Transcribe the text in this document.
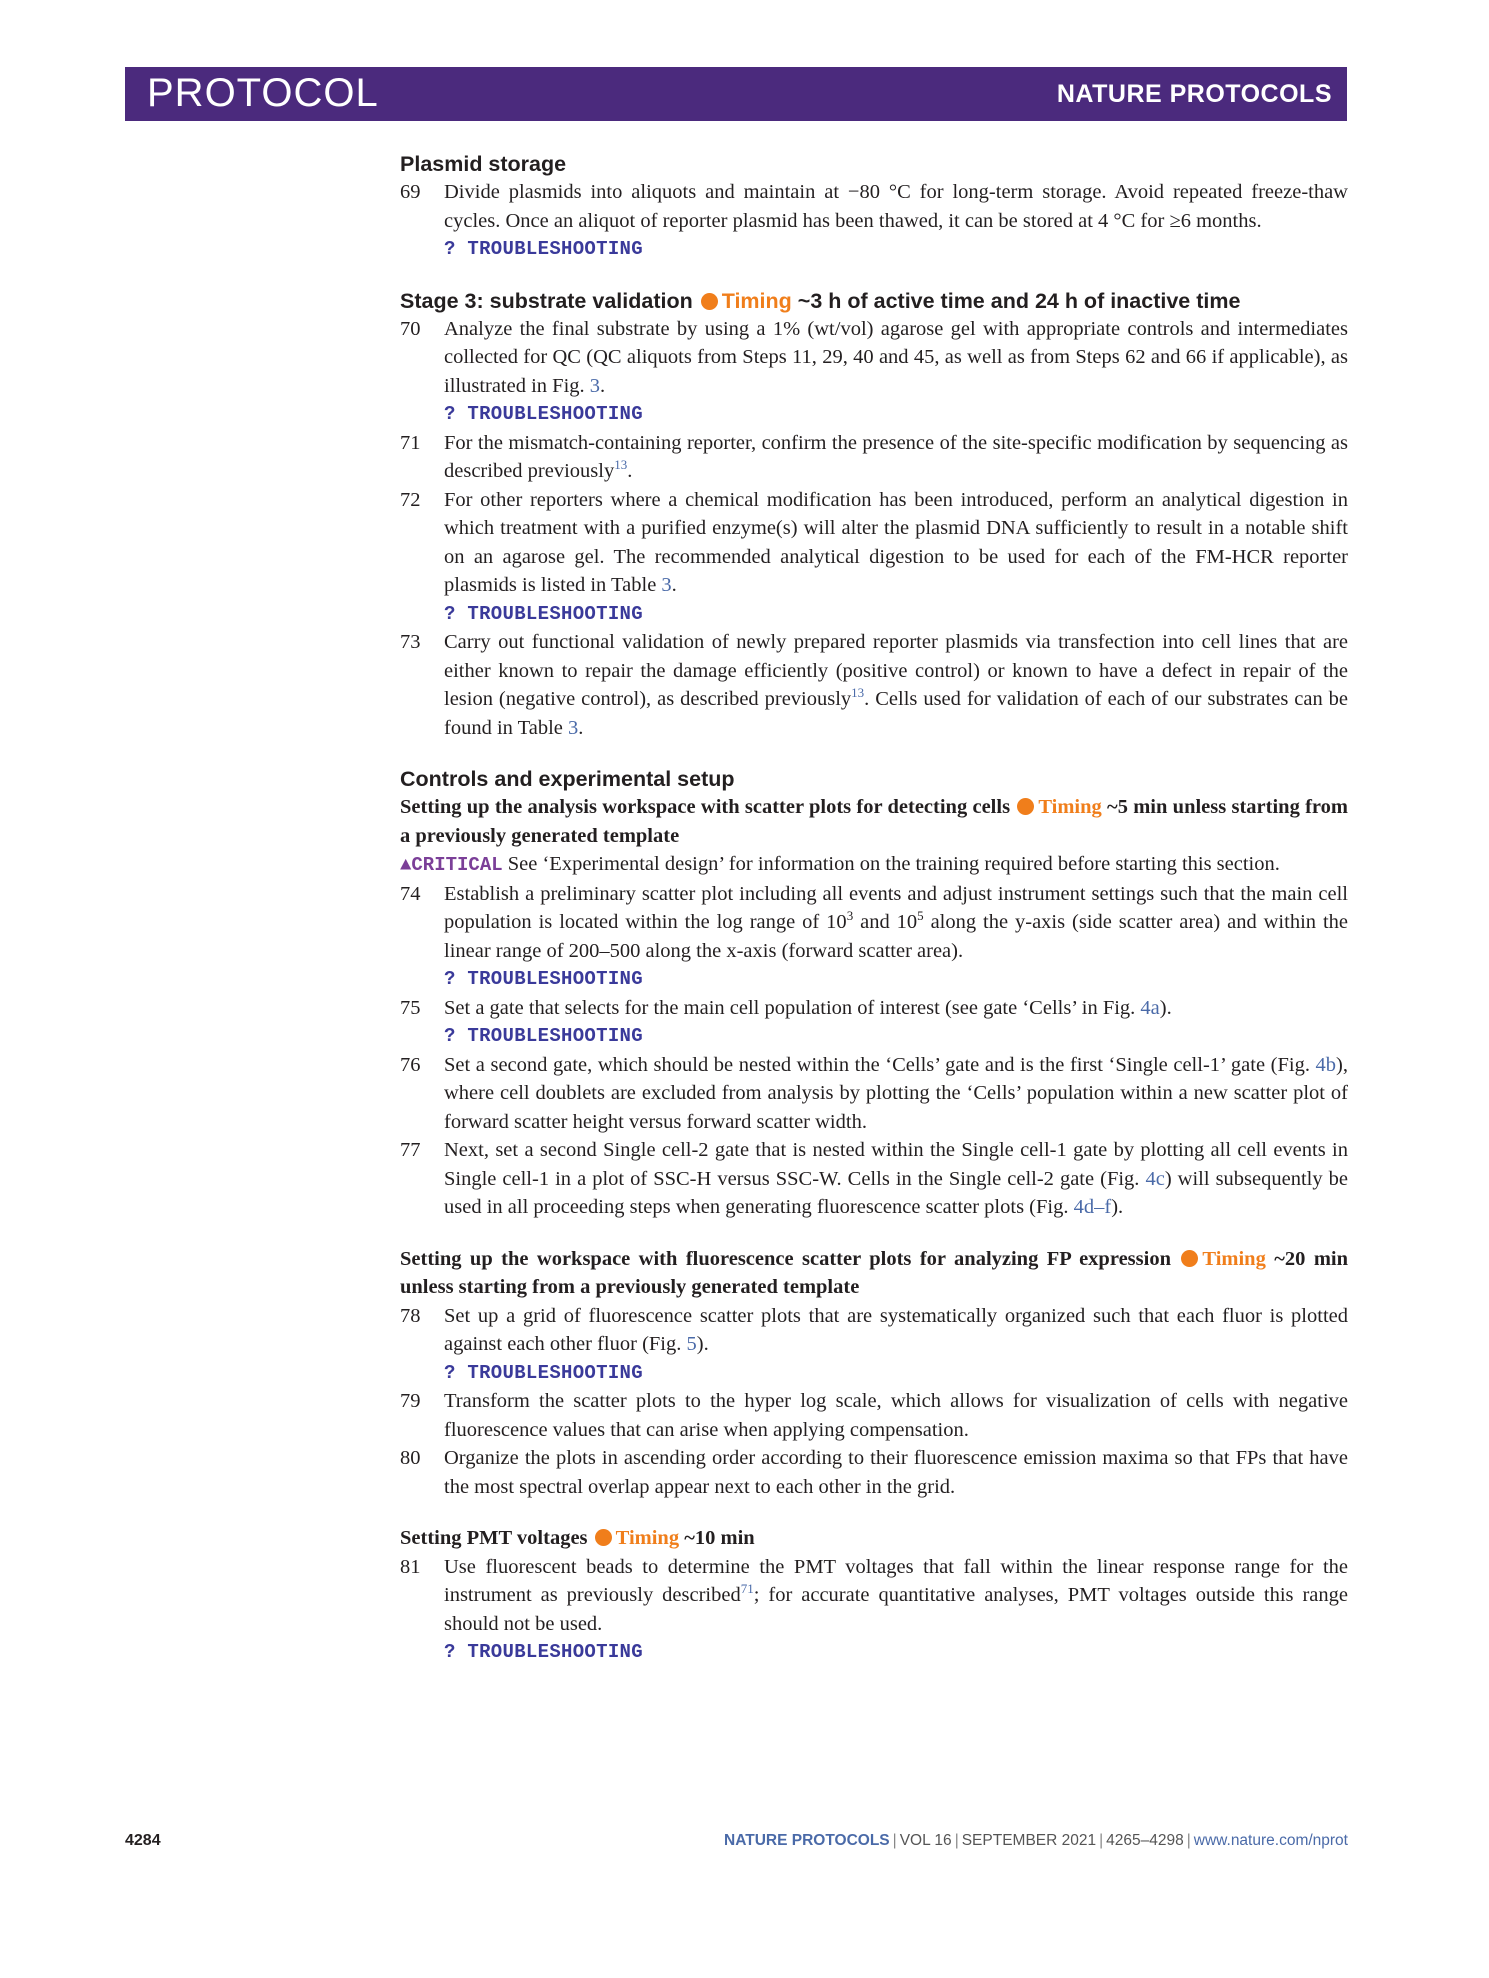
PROTOCOL	NATURE PROTOCOLS

Plasmid storage

69 Divide plasmids into aliquots and maintain at −80 °C for long-term storage. Avoid repeated freeze-thaw cycles. Once an aliquot of reporter plasmid has been thawed, it can be stored at 4 °C for ≥6 months.
? TROUBLESHOOTING

Stage 3: substrate validation Timing ~3 h of active time and 24 h of inactive time

70 Analyze the final substrate by using a 1% (wt/vol) agarose gel with appropriate controls and intermediates collected for QC (QC aliquots from Steps 11, 29, 40 and 45, as well as from Steps 62 and 66 if applicable), as illustrated in Fig. 3.
? TROUBLESHOOTING
71 For the mismatch-containing reporter, confirm the presence of the site-specific modification by sequencing as described previously$^{13}$.
72 For other reporters where a chemical modification has been introduced, perform an analytical digestion in which treatment with a purified enzyme(s) will alter the plasmid DNA sufficiently to result in a notable shift on an agarose gel. The recommended analytical digestion to be used for each of the FM-HCR reporter plasmids is listed in Table 3.
? TROUBLESHOOTING
73 Carry out functional validation of newly prepared reporter plasmids via transfection into cell lines that are either known to repair the damage efficiently (positive control) or known to have a defect in repair of the lesion (negative control), as described previously$^{13}$. Cells used for validation of each of our substrates can be found in Table 3.

Controls and experimental setup

Setting up the analysis workspace with scatter plots for detecting cells Timing ~5 min unless starting from a previously generated template

▲CRITICAL See ‘Experimental design’ for information on the training required before starting this section.

74 Establish a preliminary scatter plot including all events and adjust instrument settings such that the main cell population is located within the log range of $10^3$ and $10^5$ along the y-axis (side scatter area) and within the linear range of 200–500 along the x-axis (forward scatter area).
? TROUBLESHOOTING
75 Set a gate that selects for the main cell population of interest (see gate ‘Cells’ in Fig. 4a).
? TROUBLESHOOTING
76 Set a second gate, which should be nested within the ‘Cells’ gate and is the first ‘Single cell-1’ gate (Fig. 4b), where cell doublets are excluded from analysis by plotting the ‘Cells’ population within a new scatter plot of forward scatter height versus forward scatter width.
77 Next, set a second Single cell-2 gate that is nested within the Single cell-1 gate by plotting all cell events in Single cell-1 in a plot of SSC-H versus SSC-W. Cells in the Single cell-2 gate (Fig. 4c) will subsequently be used in all proceeding steps when generating fluorescence scatter plots (Fig. 4d–f).

Setting up the workspace with fluorescence scatter plots for analyzing FP expression Timing ~20 min unless starting from a previously generated template

78 Set up a grid of fluorescence scatter plots that are systematically organized such that each fluor is plotted against each other fluor (Fig. 5).
? TROUBLESHOOTING
79 Transform the scatter plots to the hyper log scale, which allows for visualization of cells with negative fluorescence values that can arise when applying compensation.
80 Organize the plots in ascending order according to their fluorescence emission maxima so that FPs that have the most spectral overlap appear next to each other in the grid.

Setting PMT voltages Timing ~10 min

81 Use fluorescent beads to determine the PMT voltages that fall within the linear response range for the instrument as previously described$^{71}$; for accurate quantitative analyses, PMT voltages outside this range should not be used.
? TROUBLESHOOTING
4284	NATURE PROTOCOLS | VOL 16 | SEPTEMBER 2021 | 4265–4298 | www.nature.com/nprot
